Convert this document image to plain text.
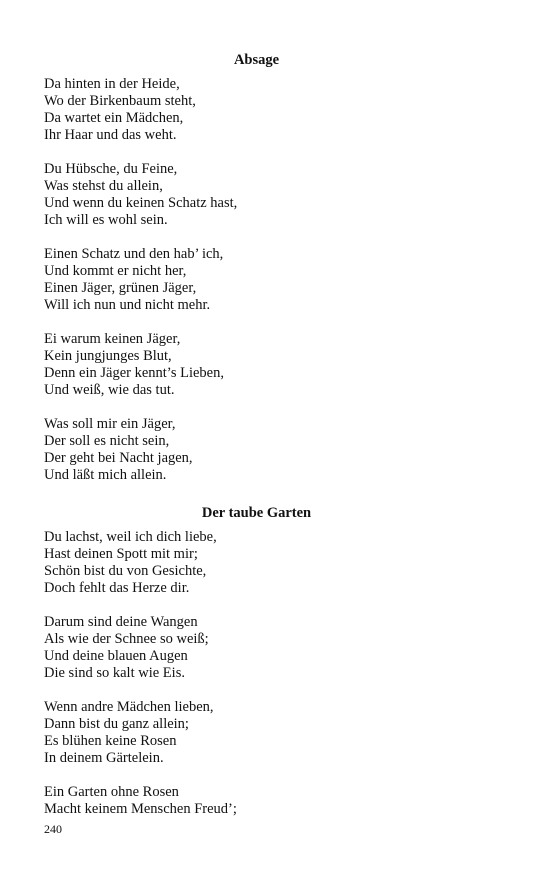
Absage
Da hinten in der Heide,
Wo der Birkenbaum steht,
Da wartet ein Mädchen,
Ihr Haar und das weht.
Du Hübsche, du Feine,
Was stehst du allein,
Und wenn du keinen Schatz hast,
Ich will es wohl sein.
Einen Schatz und den hab’ ich,
Und kommt er nicht her,
Einen Jäger, grünen Jäger,
Will ich nun und nicht mehr.
Ei warum keinen Jäger,
Kein jungjunges Blut,
Denn ein Jäger kennt’s Lieben,
Und weiß, wie das tut.
Was soll mir ein Jäger,
Der soll es nicht sein,
Der geht bei Nacht jagen,
Und läßt mich allein.
Der taube Garten
Du lachst, weil ich dich liebe,
Hast deinen Spott mit mir;
Schön bist du von Gesichte,
Doch fehlt das Herze dir.
Darum sind deine Wangen
Als wie der Schnee so weiß;
Und deine blauen Augen
Die sind so kalt wie Eis.
Wenn andre Mädchen lieben,
Dann bist du ganz allein;
Es blühen keine Rosen
In deinem Gärtelein.
Ein Garten ohne Rosen
Macht keinem Menschen Freud’;
240
